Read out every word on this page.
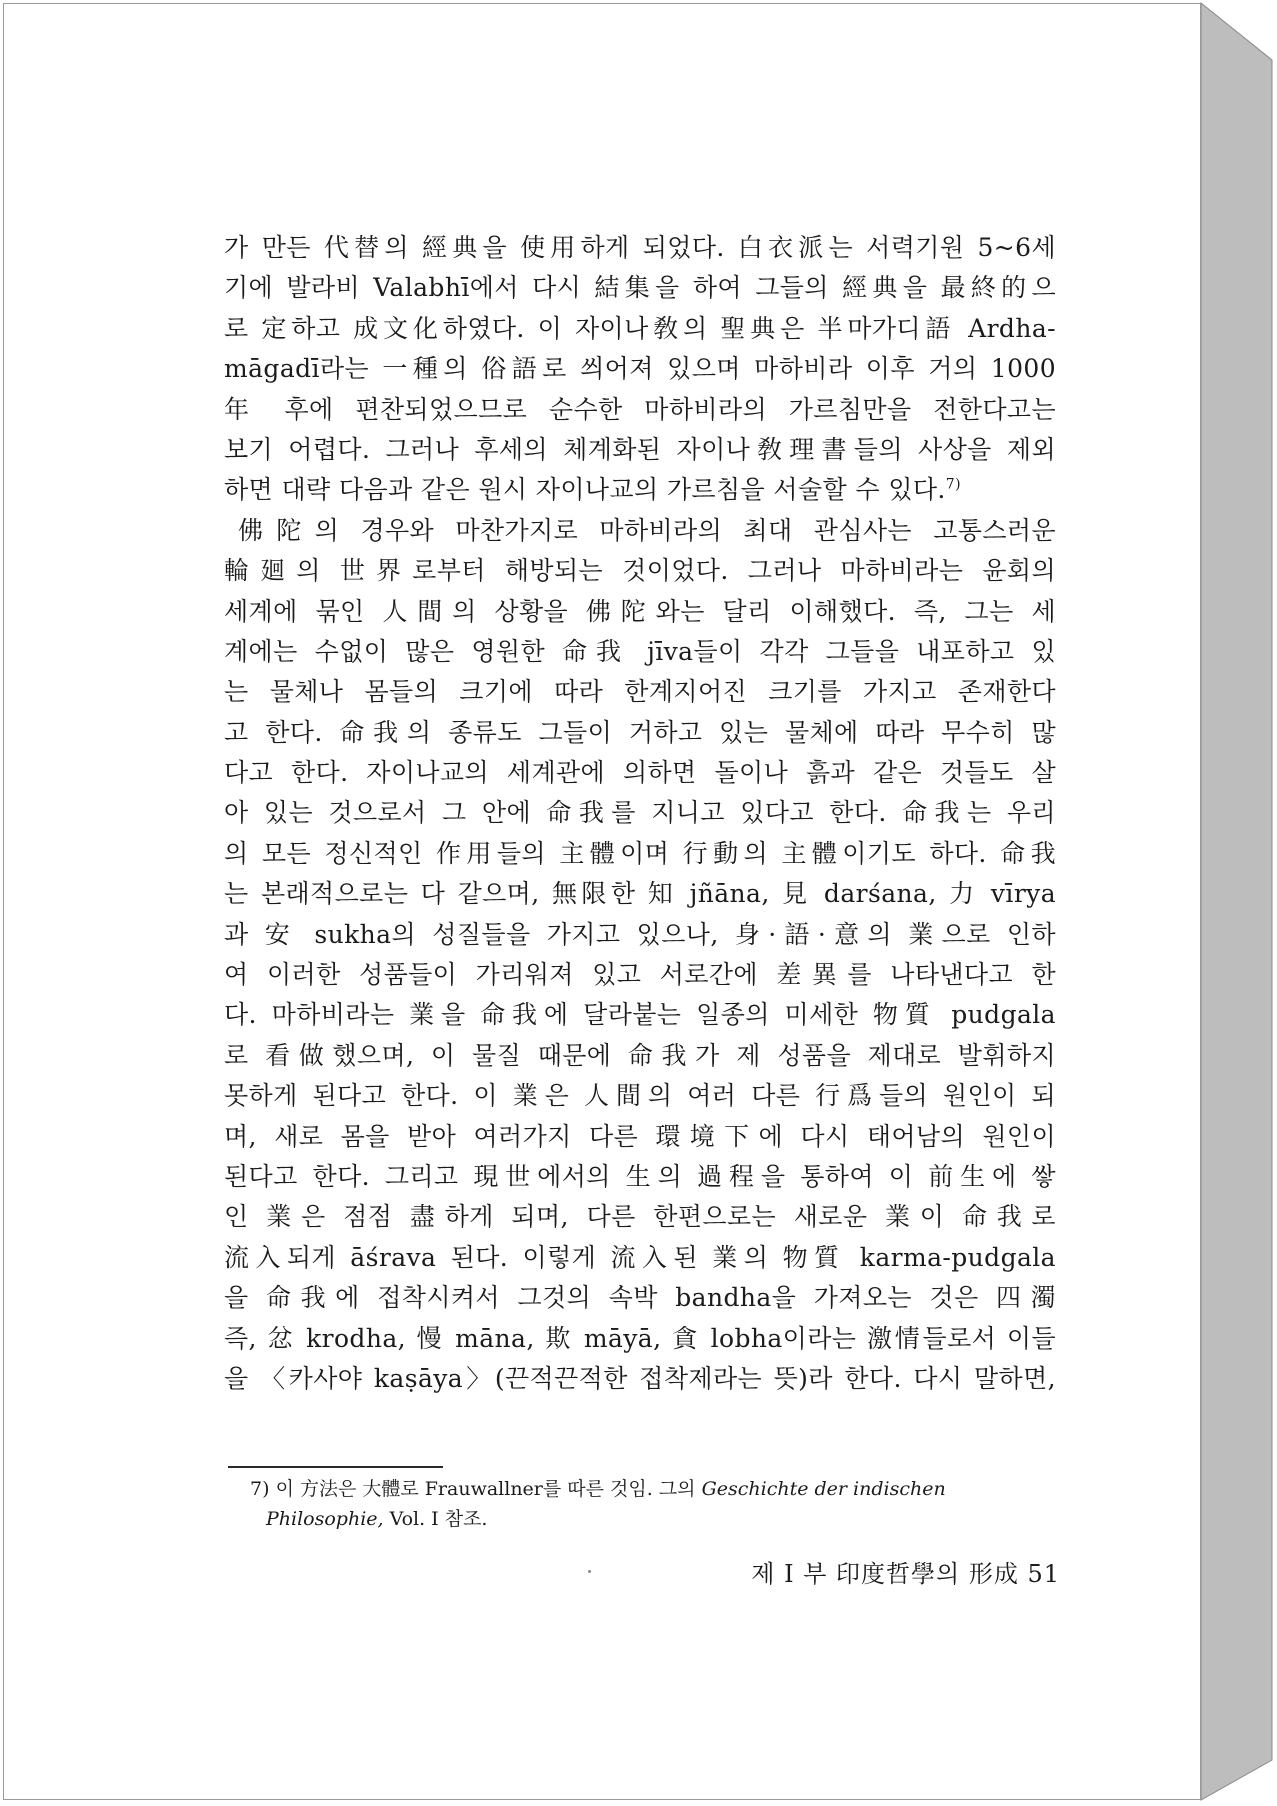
가 만든 代替의 經典을 使用하게 되었다. 白衣派는 서력기원 5~6세
기에 발라비 Valabhī에서 다시 結集을 하여 그들의 經典을 最終的으
로 定하고 成文化하였다. 이 자이나敎의 聖典은 半마가디語 Ardha-
māgadī라는 一種의 俗語로 씌어져 있으며 마하비라 이후 거의 1000
年 후에 편찬되었으므로 순수한 마하비라의 가르침만을 전한다고는
보기 어렵다. 그러나 후세의 체계화된 자이나敎理書들의 사상을 제외
하면 대략 다음과 같은 원시 자이나교의 가르침을 서술할 수 있다.$^{7)}$
佛陀의 경우와 마찬가지로 마하비라의 최대 관심사는 고통스러운
輪廻의 世界로부터 해방되는 것이었다. 그러나 마하비라는 윤회의
세계에 묶인 人間의 상황을 佛陀와는 달리 이해했다. 즉, 그는 세
계에는 수없이 많은 영원한 命我 jīva들이 각각 그들을 내포하고 있
는 물체나 몸들의 크기에 따라 한계지어진 크기를 가지고 존재한다
고 한다. 命我의 종류도 그들이 거하고 있는 물체에 따라 무수히 많
다고 한다. 자이나교의 세계관에 의하면 돌이나 흙과 같은 것들도 살
아 있는 것으로서 그 안에 命我를 지니고 있다고 한다. 命我는 우리
의 모든 정신적인 作用들의 主體이며 行動의 主體이기도 하다. 命我
는 본래적으로는 다 같으며, 無限한 知 jñāna, 見 darśana, 力 vīrya
과 安 sukha의 성질들을 가지고 있으나, 身·語·意의 業으로 인하
여 이러한 성품들이 가리워져 있고 서로간에 差異를 나타낸다고 한
다. 마하비라는 業을 命我에 달라붙는 일종의 미세한 物質 pudgala
로 看做했으며, 이 물질 때문에 命我가 제 성품을 제대로 발휘하지
못하게 된다고 한다. 이 業은 人間의 여러 다른 行爲들의 원인이 되
며, 새로 몸을 받아 여러가지 다른 環境下에 다시 태어남의 원인이
된다고 한다. 그리고 現世에서의 生의 過程을 통하여 이 前生에 쌓
인 業은 점점 盡하게 되며, 다른 한편으로는 새로운 業이 命我로
流入되게 āśrava 된다. 이렇게 流入된 業의 物質 karma-pudgala
을 命我에 접착시켜서 그것의 속박 bandha을 가져오는 것은 四濁
즉, 忿 krodha, 慢 māna, 欺 māyā, 貪 lobha이라는 激情들로서 이들
을 〈카사야 kaṣāya〉(끈적끈적한 접착제라는 뜻)라 한다. 다시 말하면,
7) 이 方法은 大體로 Frauwallner를 따른 것임. 그의 Geschichte der indischen
Philosophie, Vol. I 참조.
제 I 부 印度哲學의 形成 51
